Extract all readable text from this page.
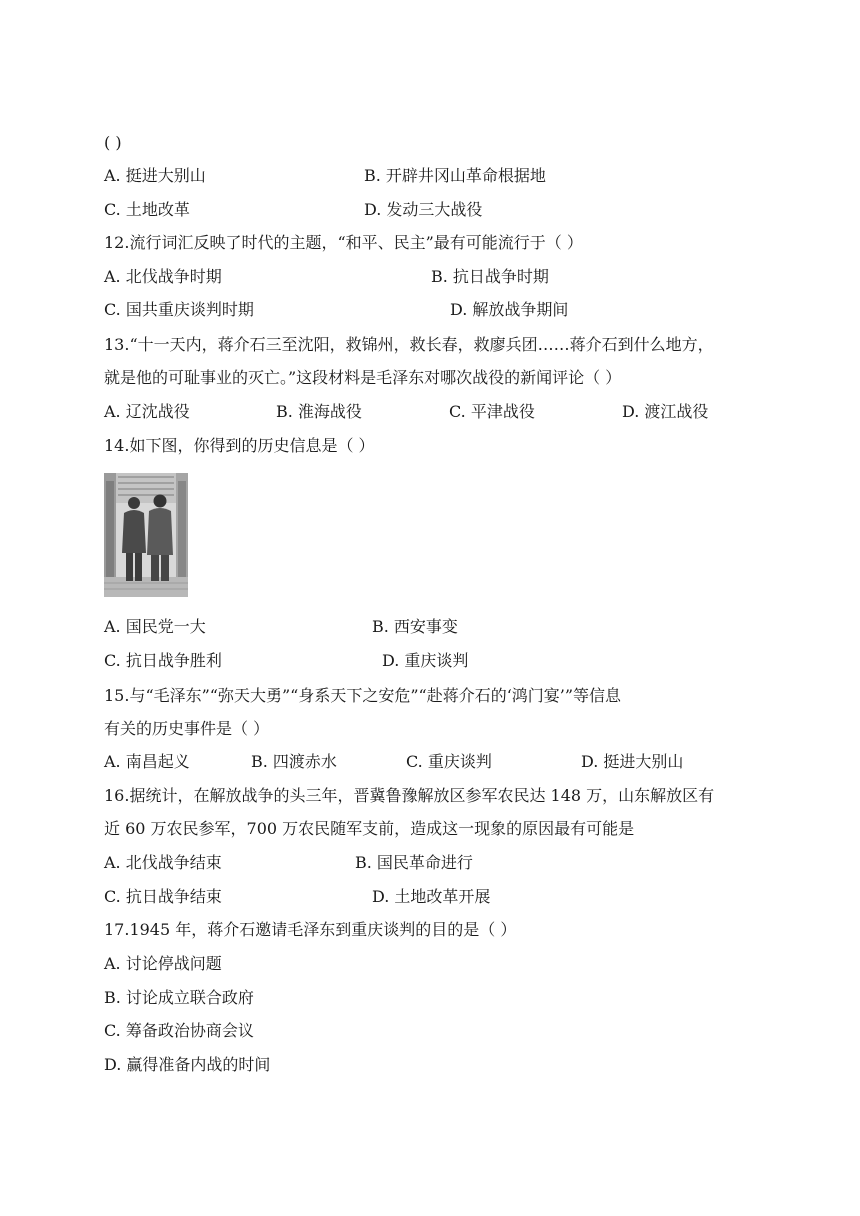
( )
A. 挺进大别山	B. 开辟井冈山革命根据地
C. 土地改革	D. 发动三大战役
12.流行词汇反映了时代的主题，“和平、民主”最有可能流行于（ ）
A. 北伐战争时期	B. 抗日战争时期
C. 国共重庆谈判时期	D. 解放战争期间
13.“十一天内，蒋介石三至沈阳，救锦州，救长春，救廖兵团……蒋介石到什么地方，
就是他的可耻事业的灭亡。”这段材料是毛泽东对哪次战役的新闻评论（ ）
A. 辽沈战役	B. 淮海战役	C. 平津战役	D. 渡江战役
14.如下图，你得到的历史信息是（ ）
A. 国民党一大	B. 西安事变
C. 抗日战争胜利	D. 重庆谈判
15.与“毛泽东”“弥天大勇”“身系天下之安危”“赴蒋介石的‘鸿门宴’”等信息
有关的历史事件是（ ）
A. 南昌起义	B. 四渡赤水	C. 重庆谈判	D. 挺进大别山
16.据统计，在解放战争的头三年，晋冀鲁豫解放区参军农民达 148 万，山东解放区有
近 60 万农民参军，700 万农民随军支前，造成这一现象的原因最有可能是
A. 北伐战争结束	B. 国民革命进行
C. 抗日战争结束	D. 土地改革开展
17.1945 年，蒋介石邀请毛泽东到重庆谈判的目的是（ ）
A. 讨论停战问题
B. 讨论成立联合政府
C. 筹备政治协商会议
D. 赢得准备内战的时间
